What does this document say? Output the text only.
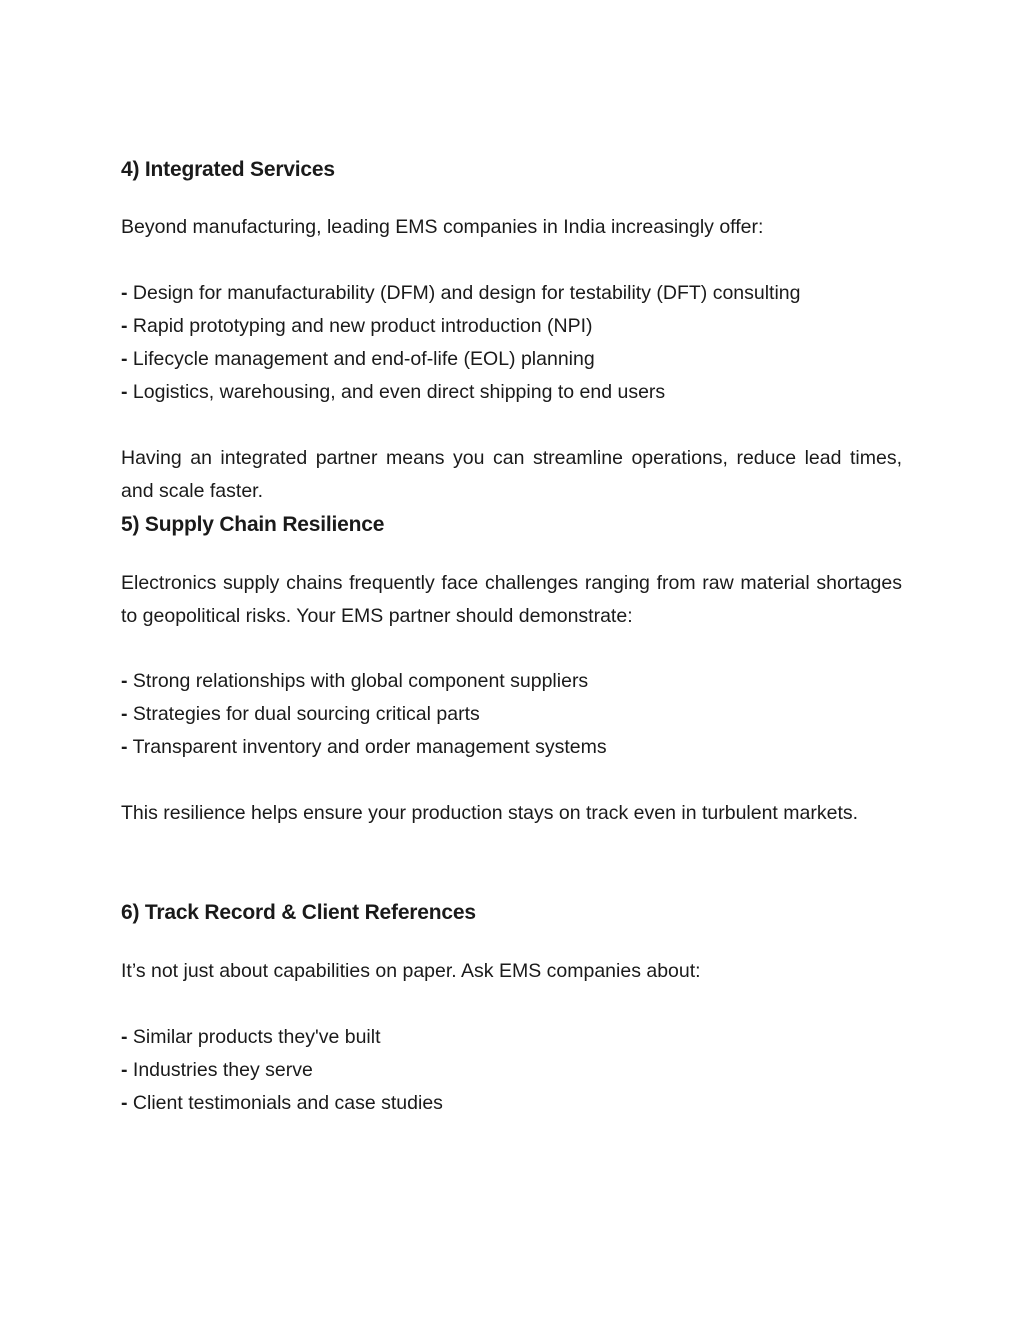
4) Integrated Services

Beyond manufacturing, leading EMS companies in India increasingly offer:

- Design for manufacturability (DFM) and design for testability (DFT) consulting
- Rapid prototyping and new product introduction (NPI)
- Lifecycle management and end-of-life (EOL) planning
- Logistics, warehousing, and even direct shipping to end users

Having an integrated partner means you can streamline operations, reduce lead times, and scale faster.

5) Supply Chain Resilience

Electronics supply chains frequently face challenges ranging from raw material shortages to geopolitical risks. Your EMS partner should demonstrate:

- Strong relationships with global component suppliers
- Strategies for dual sourcing critical parts
- Transparent inventory and order management systems

This resilience helps ensure your production stays on track even in turbulent markets.

6) Track Record & Client References

It’s not just about capabilities on paper. Ask EMS companies about:

- Similar products they've built
- Industries they serve
- Client testimonials and case studies
